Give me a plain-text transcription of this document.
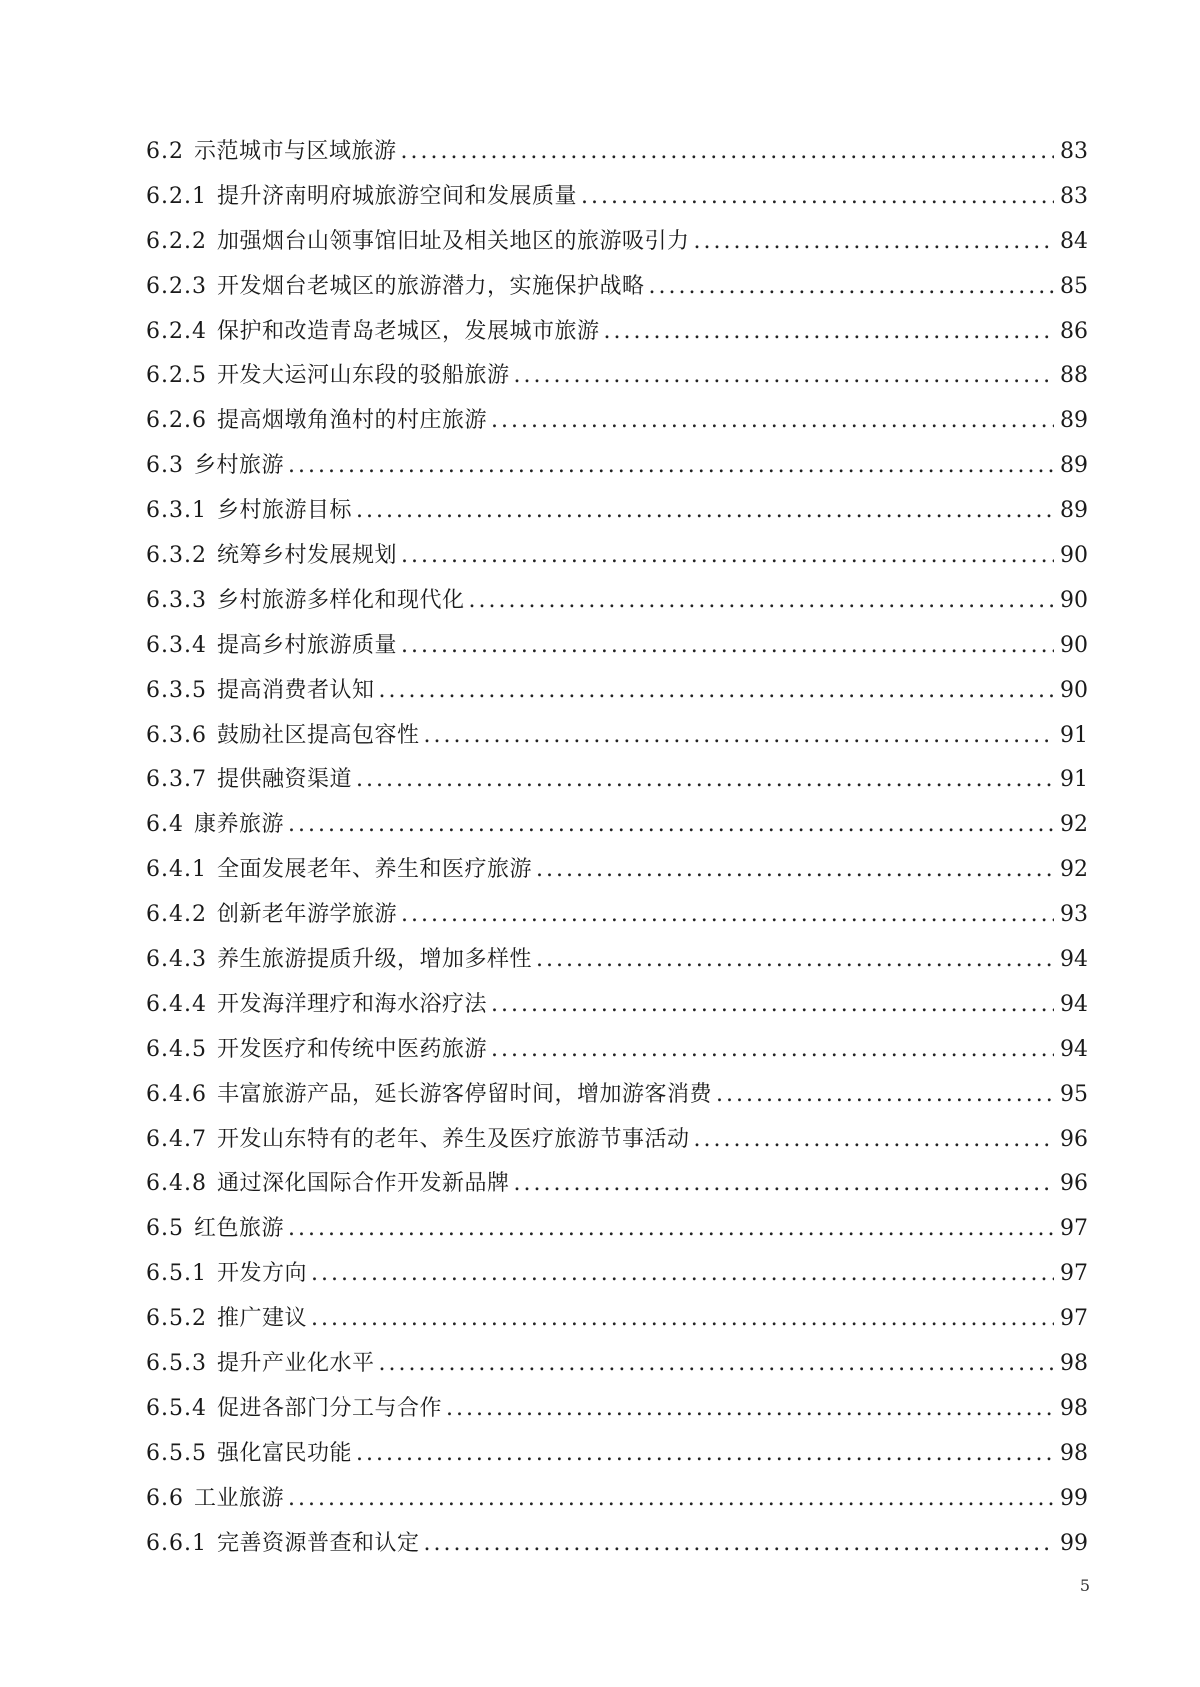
6.2 示范城市与区域旅游 .....	83
6.2.1 提升济南明府城旅游空间和发展质量 .....	83
6.2.2 加强烟台山领事馆旧址及相关地区的旅游吸引力 .....	84
6.2.3 开发烟台老城区的旅游潜力，实施保护战略 .....	85
6.2.4 保护和改造青岛老城区，发展城市旅游 .....	86
6.2.5 开发大运河山东段的驳船旅游 .....	88
6.2.6 提高烟墩角渔村的村庄旅游 .....	89
6.3 乡村旅游 .....	89
6.3.1 乡村旅游目标 .....	89
6.3.2 统筹乡村发展规划 .....	90
6.3.3 乡村旅游多样化和现代化 .....	90
6.3.4 提高乡村旅游质量 .....	90
6.3.5 提高消费者认知 .....	90
6.3.6 鼓励社区提高包容性 .....	91
6.3.7 提供融资渠道 .....	91
6.4 康养旅游 .....	92
6.4.1 全面发展老年、养生和医疗旅游 .....	92
6.4.2 创新老年游学旅游 .....	93
6.4.3 养生旅游提质升级，增加多样性 .....	94
6.4.4 开发海洋理疗和海水浴疗法 .....	94
6.4.5 开发医疗和传统中医药旅游 .....	94
6.4.6 丰富旅游产品，延长游客停留时间，增加游客消费 .....	95
6.4.7 开发山东特有的老年、养生及医疗旅游节事活动 .....	96
6.4.8 通过深化国际合作开发新品牌 .....	96
6.5 红色旅游 .....	97
6.5.1 开发方向 .....	97
6.5.2 推广建议 .....	97
6.5.3 提升产业化水平 .....	98
6.5.4 促进各部门分工与合作 .....	98
6.5.5 强化富民功能 .....	98
6.6 工业旅游 .....	99
6.6.1 完善资源普查和认定 .....	99
5
